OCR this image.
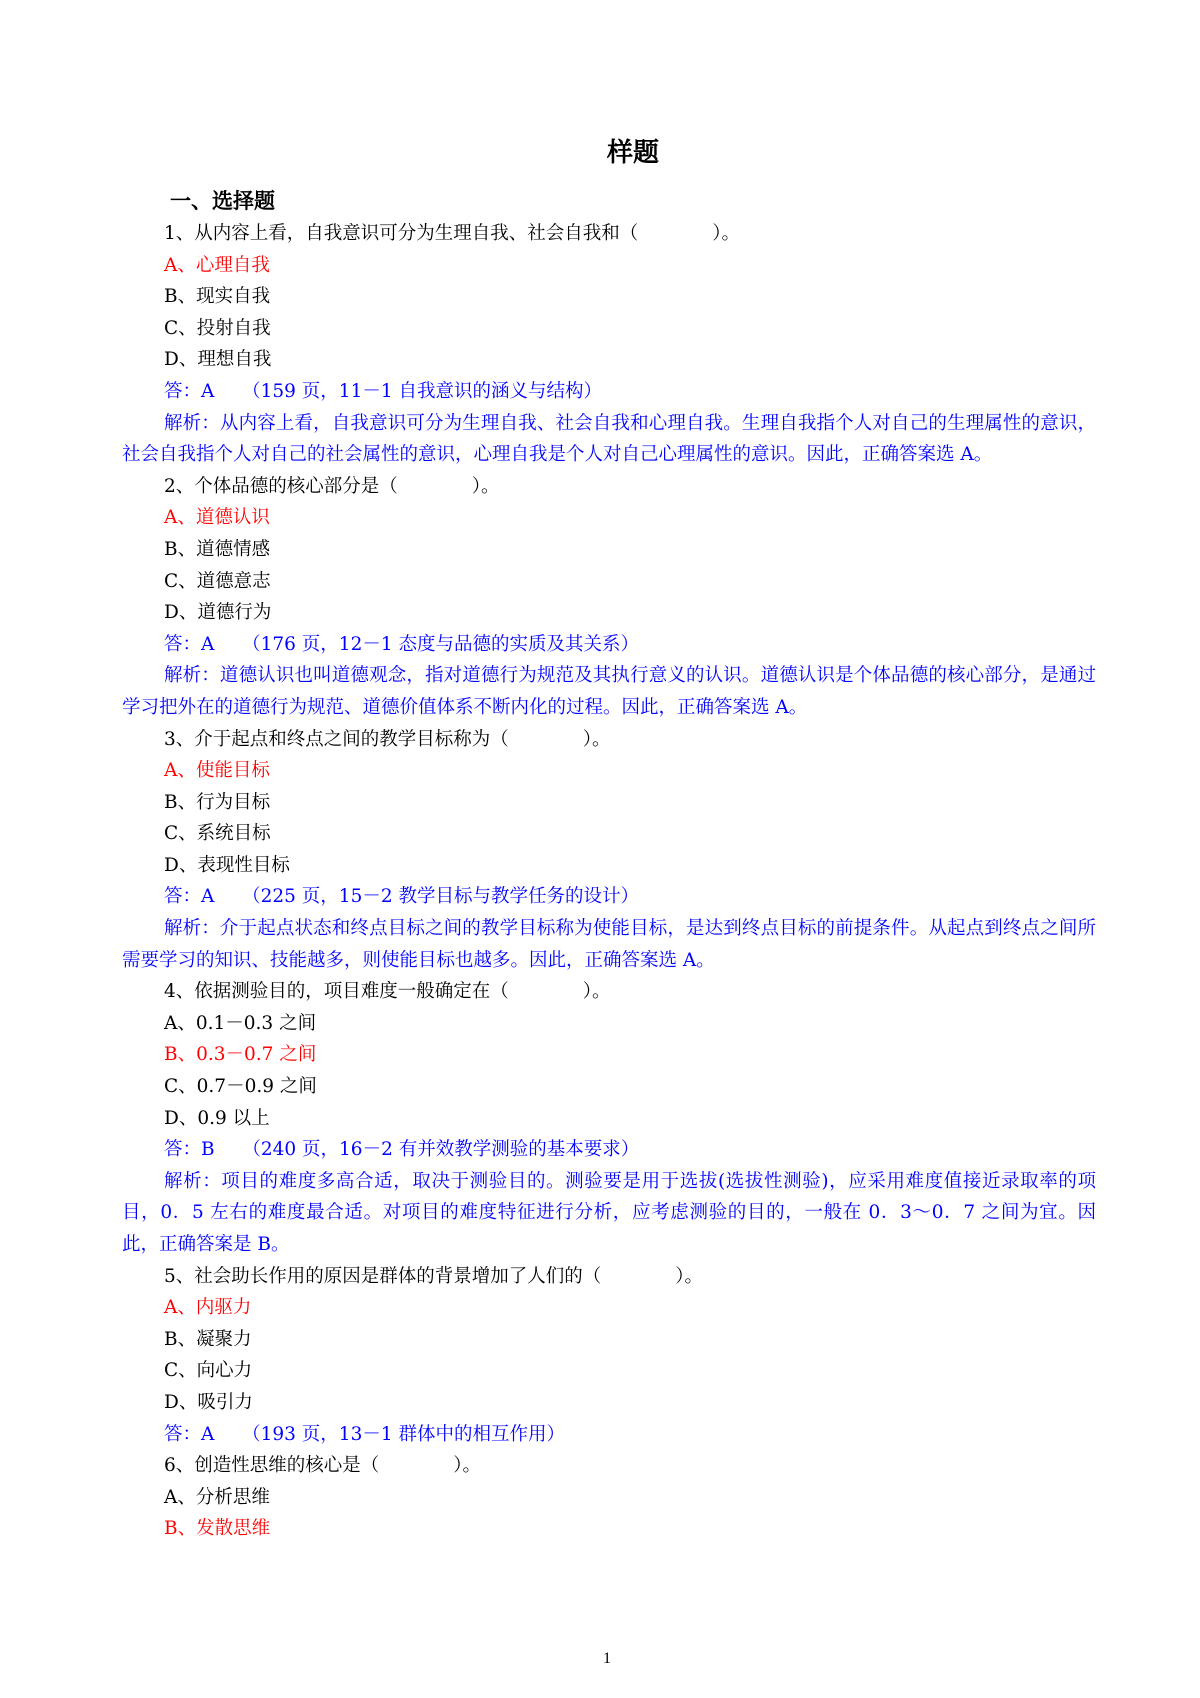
样题
一、选择题
1、从内容上看，自我意识可分为生理自我、社会自我和（　　　　）。
A、心理自我
B、现实自我
C、投射自我
D、理想自我
答：A　　（159 页，11－1 自我意识的涵义与结构）
解析：从内容上看，自我意识可分为生理自我、社会自我和心理自我。生理自我指个人对自己的生理属性的意识，社会自我指个人对自己的社会属性的意识，心理自我是个人对自己心理属性的意识。因此，正确答案选 A。
2、个体品德的核心部分是（　　　　）。
A、道德认识
B、道德情感
C、道德意志
D、道德行为
答：A　　（176 页，12－1 态度与品德的实质及其关系）
解析：道德认识也叫道德观念，指对道德行为规范及其执行意义的认识。道德认识是个体品德的核心部分，是通过学习把外在的道德行为规范、道德价值体系不断内化的过程。因此，正确答案选 A。
3、介于起点和终点之间的教学目标称为（　　　　）。
A、使能目标
B、行为目标
C、系统目标
D、表现性目标
答：A　　（225 页，15－2 教学目标与教学任务的设计）
解析：介于起点状态和终点目标之间的教学目标称为使能目标，是达到终点目标的前提条件。从起点到终点之间所需要学习的知识、技能越多，则使能目标也越多。因此，正确答案选 A。
4、依据测验目的，项目难度一般确定在（　　　　）。
A、0.1－0.3 之间
B、0.3－0.7 之间
C、0.7－0.9 之间
D、0.9 以上
答：B　　（240 页，16－2 有并效教学测验的基本要求）
解析：项目的难度多高合适，取决于测验目的。测验要是用于选拔(选拔性测验)，应采用难度值接近录取率的项目，0．5 左右的难度最合适。对项目的难度特征进行分析，应考虑测验的目的，一般在 0．3～0．7 之间为宜。因此，正确答案是 B。
5、社会助长作用的原因是群体的背景增加了人们的（　　　　）。
A、内驱力
B、凝聚力
C、向心力
D、吸引力
答：A　　（193 页，13－1 群体中的相互作用）
6、创造性思维的核心是（　　　　）。
A、分析思维
B、发散思维
1
